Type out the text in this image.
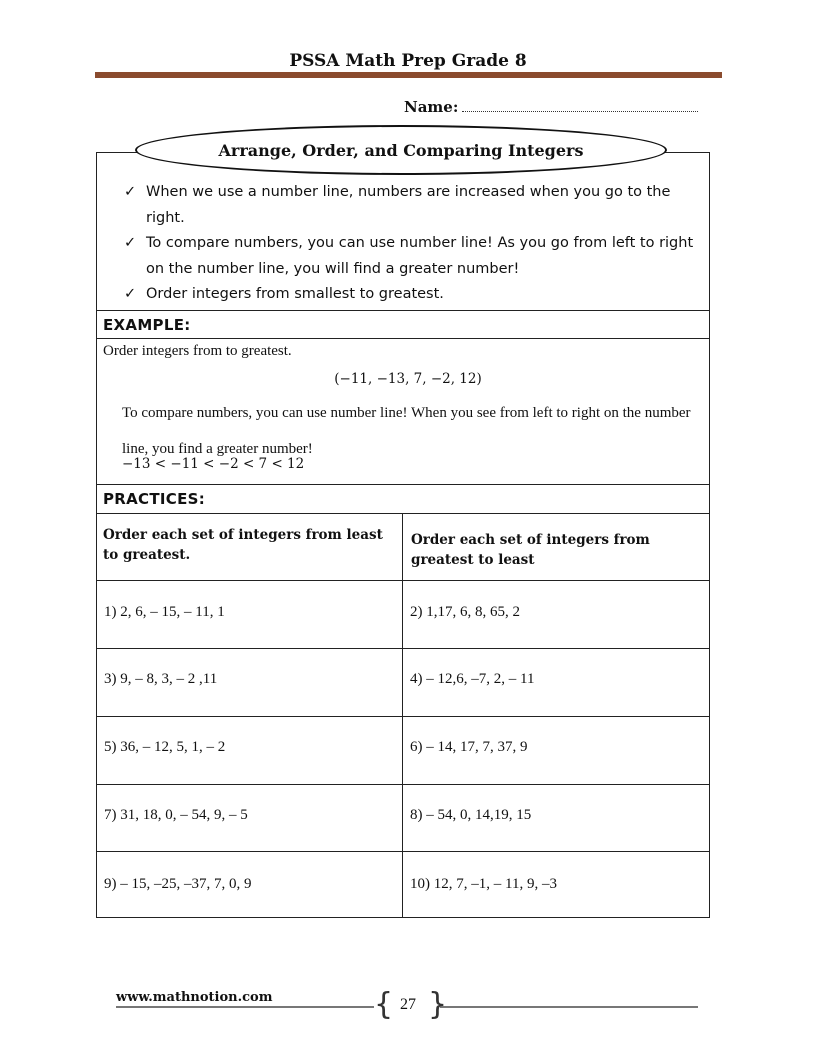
PSSA Math Prep Grade 8
Name:
Arrange, Order, and Comparing Integers
✓ When we use a number line, numbers are increased when you go to the right.
✓ To compare numbers, you can use number line! As you go from left to right on the number line, you will find a greater number!
✓ Order integers from smallest to greatest.
EXAMPLE:
Order integers from to greatest.
(−11, −13, 7, −2, 12)
To compare numbers, you can use number line! When you see from left to right on the number line, you find a greater number!
−13 < −11 < −2 < 7 < 12
PRACTICES:
Order each set of integers from least to greatest.
Order each set of integers from greatest to least
1) 2, 6, – 15, – 11, 1	2) 1,17, 6, 8, 65, 2
3) 9, – 8, 3, – 2 ,11	4) – 12,6, –7, 2, – 11
5) 36, – 12, 5, 1, – 2	6) – 14, 17, 7, 37, 9
7) 31, 18, 0, – 54, 9, – 5	8) – 54, 0, 14,19, 15
9) – 15, –25, –37, 7, 0, 9	10) 12, 7, –1, – 11, 9, –3
www.mathnotion.com	{ }
27
